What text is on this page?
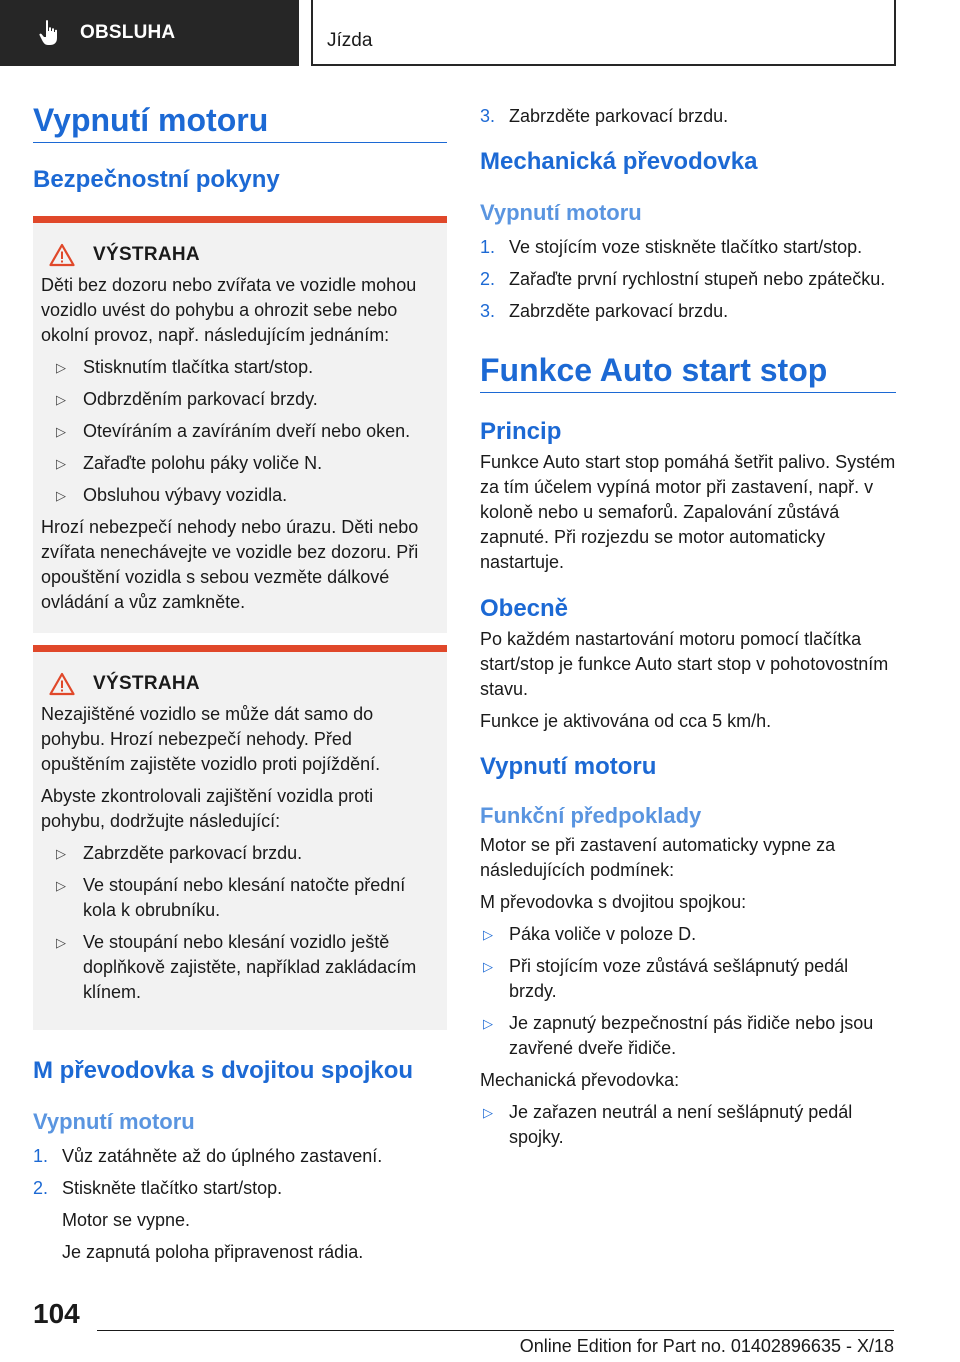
OBSLUHA	Jízda
Vypnutí motoru
Bezpečnostní pokyny
VÝSTRAHA

Děti bez dozoru nebo zvířata ve vozidle mohou vozidlo uvést do pohybu a ohrozit sebe nebo okolní provoz, např. následujícím jednáním:

▷ Stisknutím tlačítka start/stop.
▷ Odbrzděním parkovací brzdy.
▷ Otevíráním a zavíráním dveří nebo oken.
▷ Zařaďte polohu páky voliče N.
▷ Obsluhou výbavy vozidla.

Hrozí nebezpečí nehody nebo úrazu. Děti nebo zvířata nenechávejte ve vozidle bez dozoru. Při opouštění vozidla s sebou vezměte dálkové ovládání a vůz zamkněte.

VÝSTRAHA

Nezajištěné vozidlo se může dát samo do pohybu. Hrozí nebezpečí nehody. Před opuštěním zajistěte vozidlo proti pojíždění.

Abyste zkontrolovali zajištění vozidla proti pohybu, dodržujte následující:

▷ Zabrzděte parkovací brzdu.
▷ Ve stoupání nebo klesání natočte přední kola k obrubníku.
▷ Ve stoupání nebo klesání vozidlo ještě doplňkově zajistěte, například zakládacím klínem.
M převodovka s dvojitou spojkou
Vypnutí motoru
1. Vůz zatáhněte až do úplného zastavení.
2. Stiskněte tlačítko start/stop.
Motor se vypne.
Je zapnutá poloha připravenost rádia.
3. Zabrzděte parkovací brzdu.
Mechanická převodovka
Vypnutí motoru
1. Ve stojícím voze stiskněte tlačítko start/stop.
2. Zařaďte první rychlostní stupeň nebo zpátečku.
3. Zabrzděte parkovací brzdu.
Funkce Auto start stop
Princip

Funkce Auto start stop pomáhá šetřit palivo. Systém za tím účelem vypíná motor při zastavení, např. v koloně nebo u semaforů. Zapalování zůstává zapnuté. Při rozjezdu se motor automaticky nastartuje.

Obecně

Po každém nastartování motoru pomocí tlačítka start/stop je funkce Auto start stop v pohotovostním stavu.

Funkce je aktivována od cca 5 km/h.

Vypnutí motoru
Funkční předpoklady

Motor se při zastavení automaticky vypne za následujících podmínek:

M převodovka s dvojitou spojkou:

▷ Páka voliče v poloze D.
▷ Při stojícím voze zůstává sešlápnutý pedál brzdy.
▷ Je zapnutý bezpečnostní pás řidiče nebo jsou zavřené dveře řidiče.

Mechanická převodovka:

▷ Je zařazen neutrál a není sešlápnutý pedál spojky.
104
Online Edition for Part no. 01402896635 - X/18
